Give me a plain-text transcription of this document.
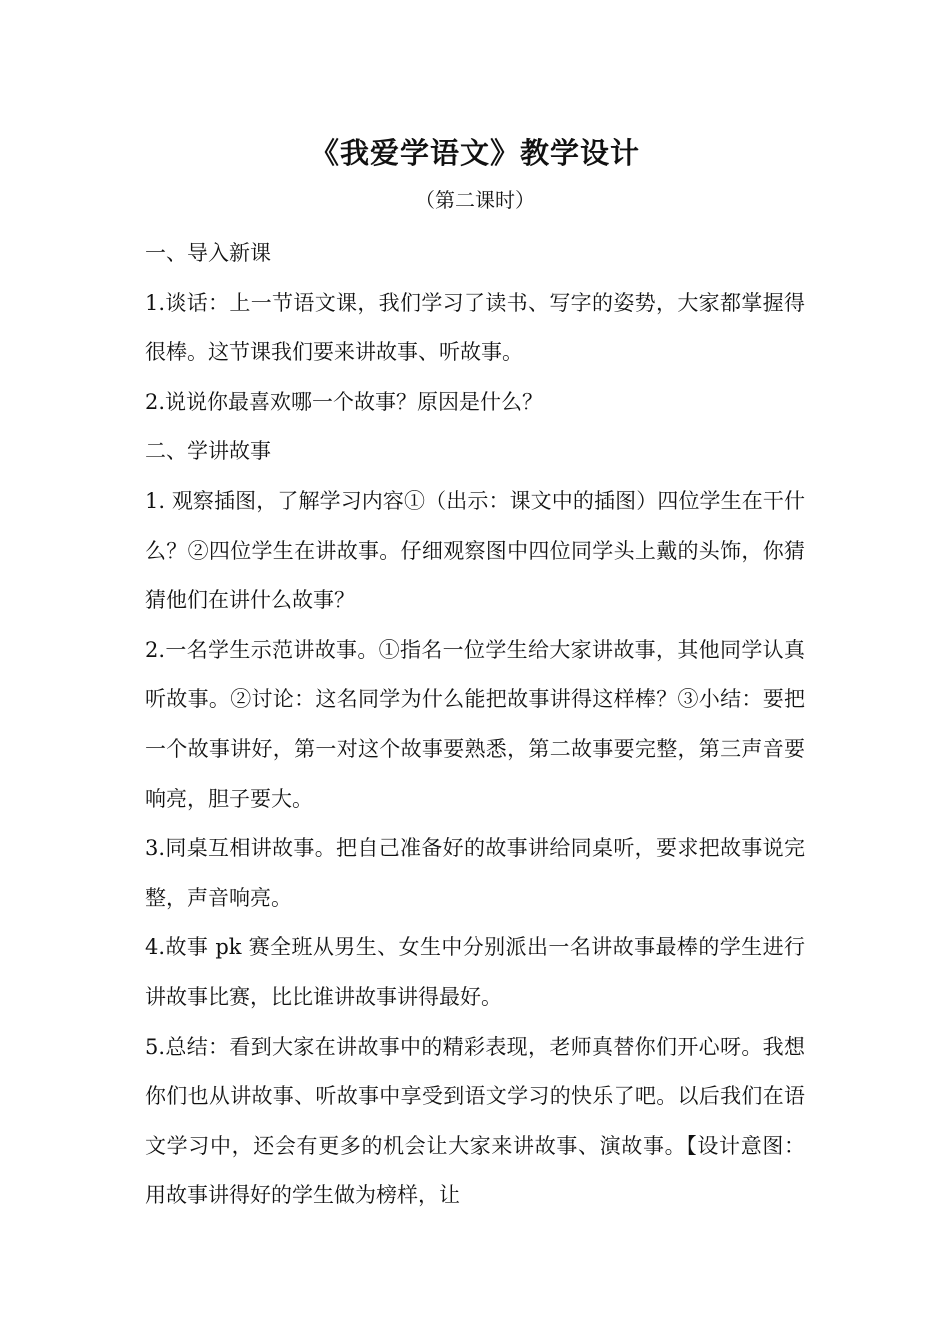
《我爱学语文》教学设计
（第二课时）

一、导入新课

1.谈话：上一节语文课，我们学习了读书、写字的姿势，大家都掌握得很棒。这节课我们要来讲故事、听故事。

2.说说你最喜欢哪一个故事？原因是什么？

二、学讲故事

1. 观察插图，了解学习内容①（出示：课文中的插图）四位学生在干什么？②四位学生在讲故事。仔细观察图中四位同学头上戴的头饰，你猜猜他们在讲什么故事？

2.一名学生示范讲故事。①指名一位学生给大家讲故事，其他同学认真听故事。②讨论：这名同学为什么能把故事讲得这样棒？③小结：要把一个故事讲好，第一对这个故事要熟悉，第二故事要完整，第三声音要响亮，胆子要大。

3.同桌互相讲故事。把自己准备好的故事讲给同桌听，要求把故事说完整，声音响亮。

4.故事 pk 赛全班从男生、女生中分别派出一名讲故事最棒的学生进行讲故事比赛，比比谁讲故事讲得最好。

5.总结：看到大家在讲故事中的精彩表现，老师真替你们开心呀。我想你们也从讲故事、听故事中享受到语文学习的快乐了吧。以后我们在语文学习中，还会有更多的机会让大家来讲故事、演故事。【设计意图：用故事讲得好的学生做为榜样，让
